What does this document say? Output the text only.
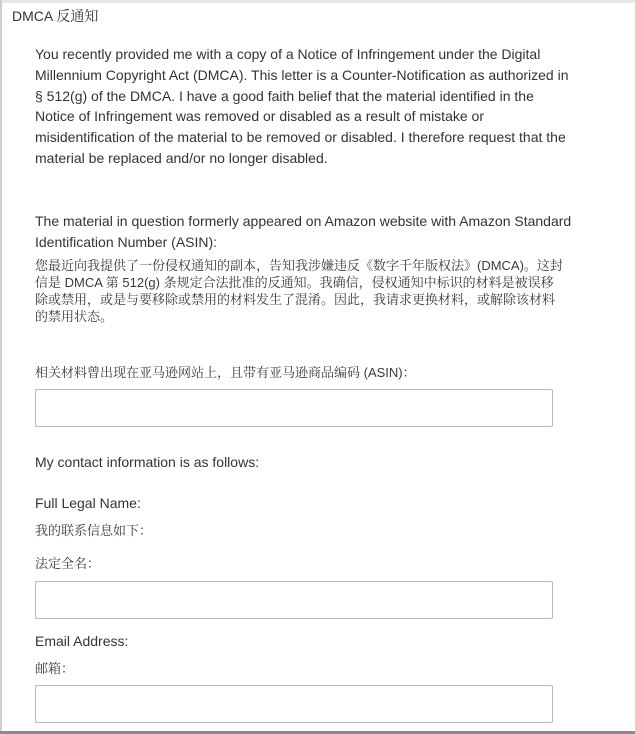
DMCA 反通知

You recently provided me with a copy of a Notice of Infringement under the Digital Millennium Copyright Act (DMCA). This letter is a Counter-Notification as authorized in § 512(g) of the DMCA. I have a good faith belief that the material identified in the Notice of Infringement was removed or disabled as a result of mistake or misidentification of the material to be removed or disabled. I therefore request that the material be replaced and/or no longer disabled.

The material in question formerly appeared on Amazon website with Amazon Standard Identification Number (ASIN):

您最近向我提供了一份侵权通知的副本，告知我涉嫌违反《数字千年版权法》(DMCA)。这封信是 DMCA 第 512(g) 条规定合法批准的反通知。我确信，侵权通知中标识的材料是被误移除或禁用，或是与要移除或禁用的材料发生了混淆。因此，我请求更换材料，或解除该材料的禁用状态。

相关材料曾出现在亚马逊网站上，且带有亚马逊商品编码 (ASIN)：

My contact information is as follows:

Full Legal Name:

我的联系信息如下：

法定全名：

Email Address:

邮箱：
